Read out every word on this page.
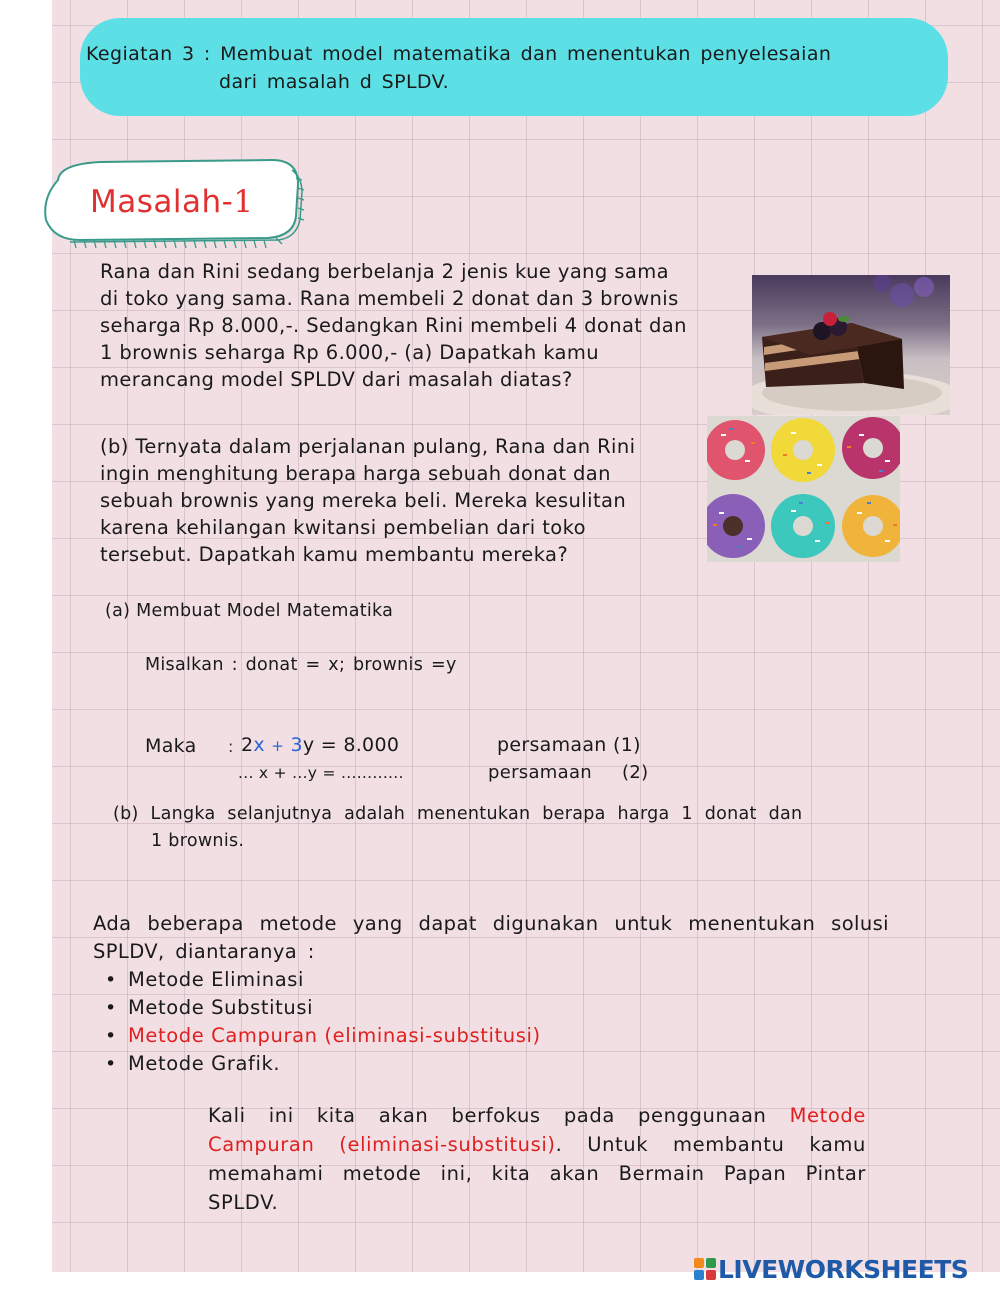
Kegiatan 3 : Membuat model matematika dan menentukan penyelesaian
dari masalah d SPLDV.
Masalah-1
Rana dan Rini sedang berbelanja 2 jenis kue yang sama di toko yang sama. Rana membeli 2 donat dan 3 brownis seharga Rp 8.000,-. Sedangkan Rini membeli 4 donat dan 1 brownis seharga Rp 6.000,- (a) Dapatkah kamu merancang model SPLDV dari masalah diatas?
(b) Ternyata dalam perjalanan pulang, Rana dan Rini ingin menghitung berapa harga sebuah donat dan sebuah brownis yang mereka beli. Mereka kesulitan karena kehilangan kwitansi pembelian dari toko tersebut. Dapatkah kamu membantu mereka?
(a) Membuat Model Matematika
Misalkan : donat = x; brownis =y
Maka : 2x + 3y = 8.000	persamaan (1)
... x + ...y = ............	persamaan (2)
(b) Langka selanjutnya adalah menentukan berapa harga 1 donat dan
1 brownis.
Ada beberapa metode yang dapat digunakan untuk menentukan solusi SPLDV, diantaranya :
• Metode Eliminasi
• Metode Substitusi
• Metode Campuran (eliminasi-substitusi)
• Metode Grafik.
Kali ini kita akan berfokus pada penggunaan Metode Campuran (eliminasi-substitusi). Untuk membantu kamu memahami metode ini, kita akan Bermain Papan Pintar SPLDV.
LIVEWORKSHEETS
